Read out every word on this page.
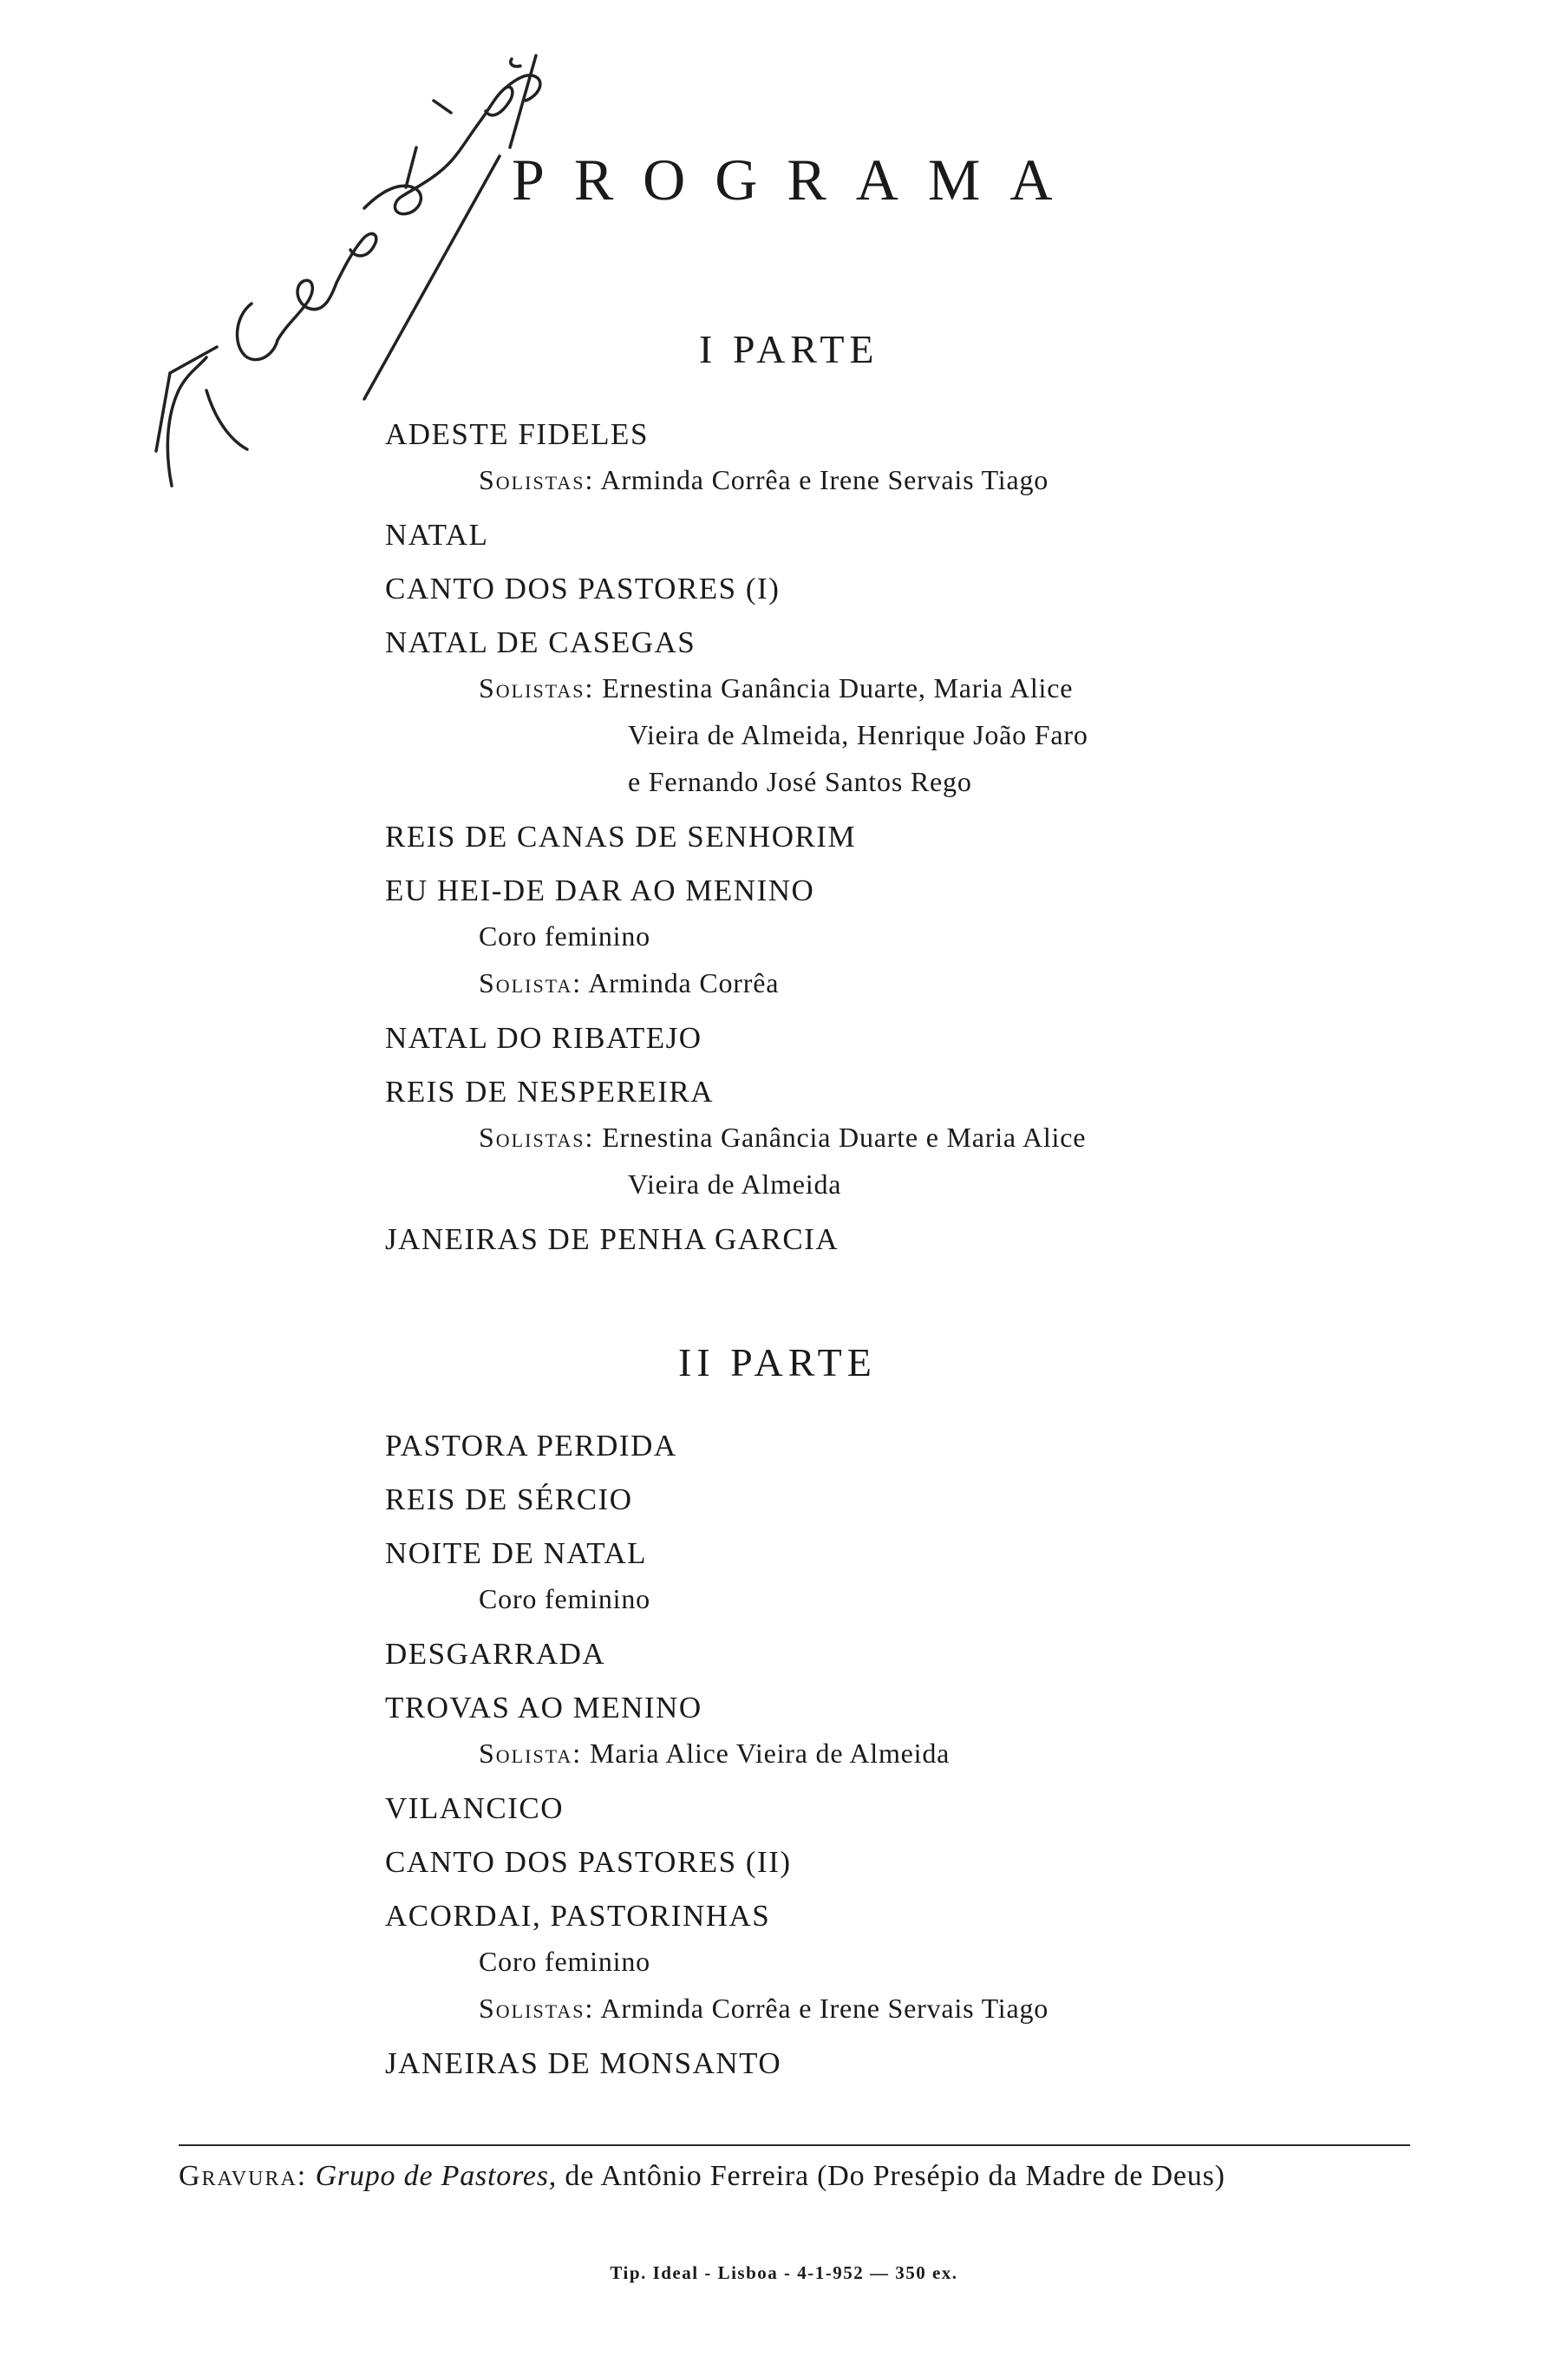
PROGRAMA
I PARTE
ADESTE FIDELES
Solistas: Arminda Corrêa e Irene Servais Tiago
NATAL
CANTO DOS PASTORES (I)
NATAL DE CASEGAS
Solistas: Ernestina Ganância Duarte, Maria Alice
Vieira de Almeida, Henrique João Faro
e Fernando José Santos Rego
REIS DE CANAS DE SENHORIM
EU HEI-DE DAR AO MENINO
Coro feminino
Solista: Arminda Corrêa
NATAL DO RIBATEJO
REIS DE NESPEREIRA
Solistas: Ernestina Ganância Duarte e Maria Alice
Vieira de Almeida
JANEIRAS DE PENHA GARCIA
II PARTE
PASTORA PERDIDA
REIS DE SÉRCIO
NOITE DE NATAL
Coro feminino
DESGARRADA
TROVAS AO MENINO
Solista: Maria Alice Vieira de Almeida
VILANCICO
CANTO DOS PASTORES (II)
ACORDAI, PASTORINHAS
Coro feminino
Solistas: Arminda Corrêa e Irene Servais Tiago
JANEIRAS DE MONSANTO
Gravura: Grupo de Pastores, de Antônio Ferreira (Do Presépio da Madre de Deus)
Tip. Ideal - Lisboa - 4-1-952 — 350 ex.
